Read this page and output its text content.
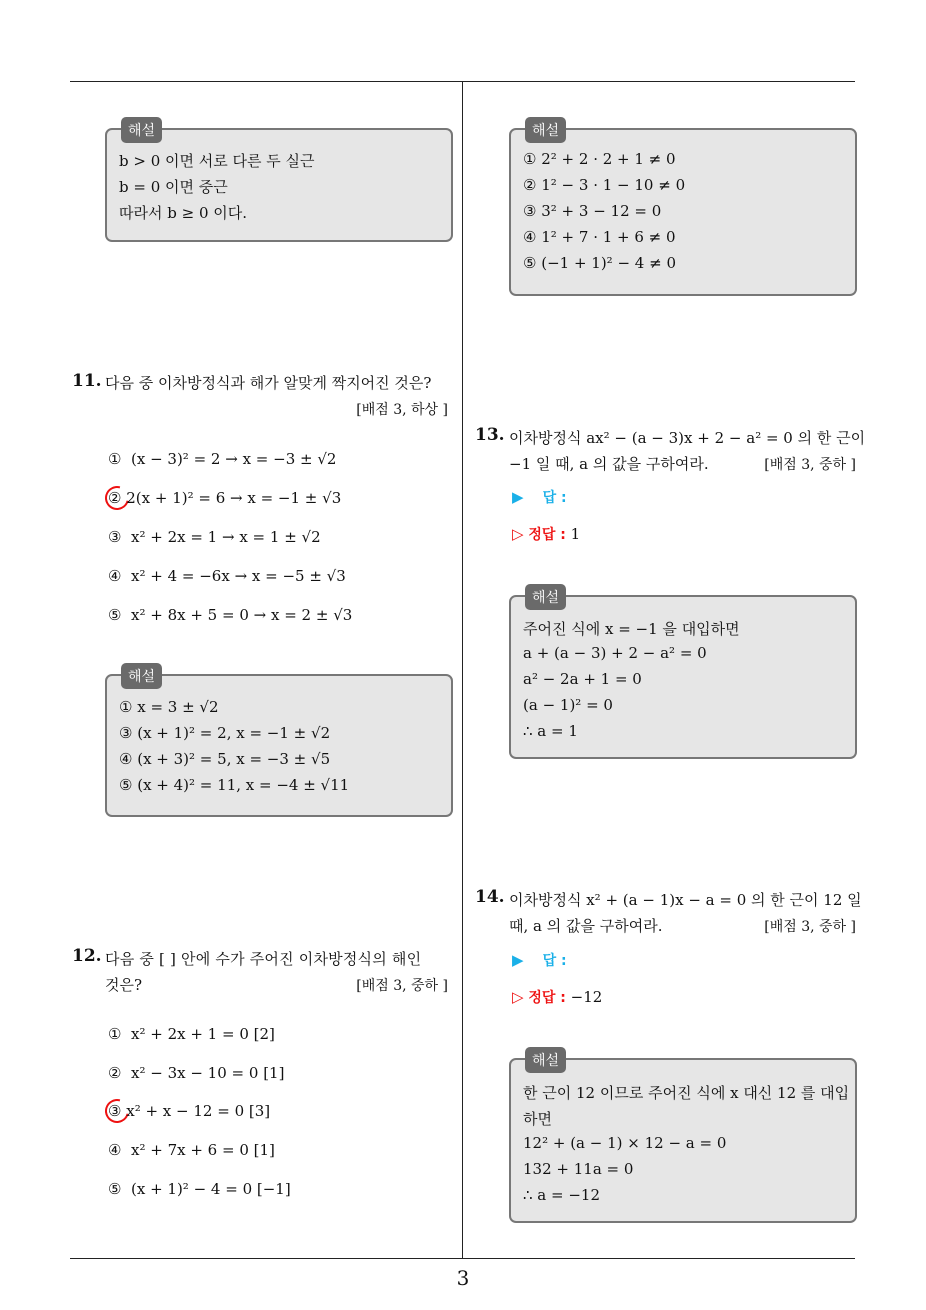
해설
b > 0 이면 서로 다른 두 실근
b = 0 이면 중근
따라서 b ≥ 0 이다.
11. 다음 중 이차방정식과 해가 알맞게 짝지어진 것은?
[배점 3, 하상 ]
① (x − 3)² = 2 → x = −3 ± √2
② 2(x + 1)² = 6 → x = −1 ± √3
③ x² + 2x = 1 → x = 1 ± √2
④ x² + 4 = −6x → x = −5 ± √3
⑤ x² + 8x + 5 = 0 → x = 2 ± √3
해설
① x = 3 ± √2
③ (x + 1)² = 2, x = −1 ± √2
④ (x + 3)² = 5, x = −3 ± √5
⑤ (x + 4)² = 11, x = −4 ± √11
12. 다음 중 [ ] 안에 수가 주어진 이차방정식의 해인
것은?	[배점 3, 중하 ]
① x² + 2x + 1 = 0 [2]
② x² − 3x − 10 = 0 [1]
③ x² + x − 12 = 0 [3]
④ x² + 7x + 6 = 0 [1]
⑤ (x + 1)² − 4 = 0 [−1]
해설
① 2² + 2 · 2 + 1 ≠ 0
② 1² − 3 · 1 − 10 ≠ 0
③ 3² + 3 − 12 = 0
④ 1² + 7 · 1 + 6 ≠ 0
⑤ (−1 + 1)² − 4 ≠ 0
13. 이차방정식 ax² − (a − 3)x + 2 − a² = 0 의 한 근이
−1 일 때, a 의 값을 구하여라.	[배점 3, 중하 ]
▶ 답 :
▷ 정답 : 1
해설
주어진 식에 x = −1 을 대입하면
a + (a − 3) + 2 − a² = 0
a² − 2a + 1 = 0
(a − 1)² = 0
∴ a = 1
14. 이차방정식 x² + (a − 1)x − a = 0 의 한 근이 12 일
때, a 의 값을 구하여라.	[배점 3, 중하 ]
▶ 답 :
▷ 정답 : −12
해설
한 근이 12 이므로 주어진 식에 x 대신 12 를 대입
하면
12² + (a − 1) × 12 − a = 0
132 + 11a = 0
∴ a = −12
3
